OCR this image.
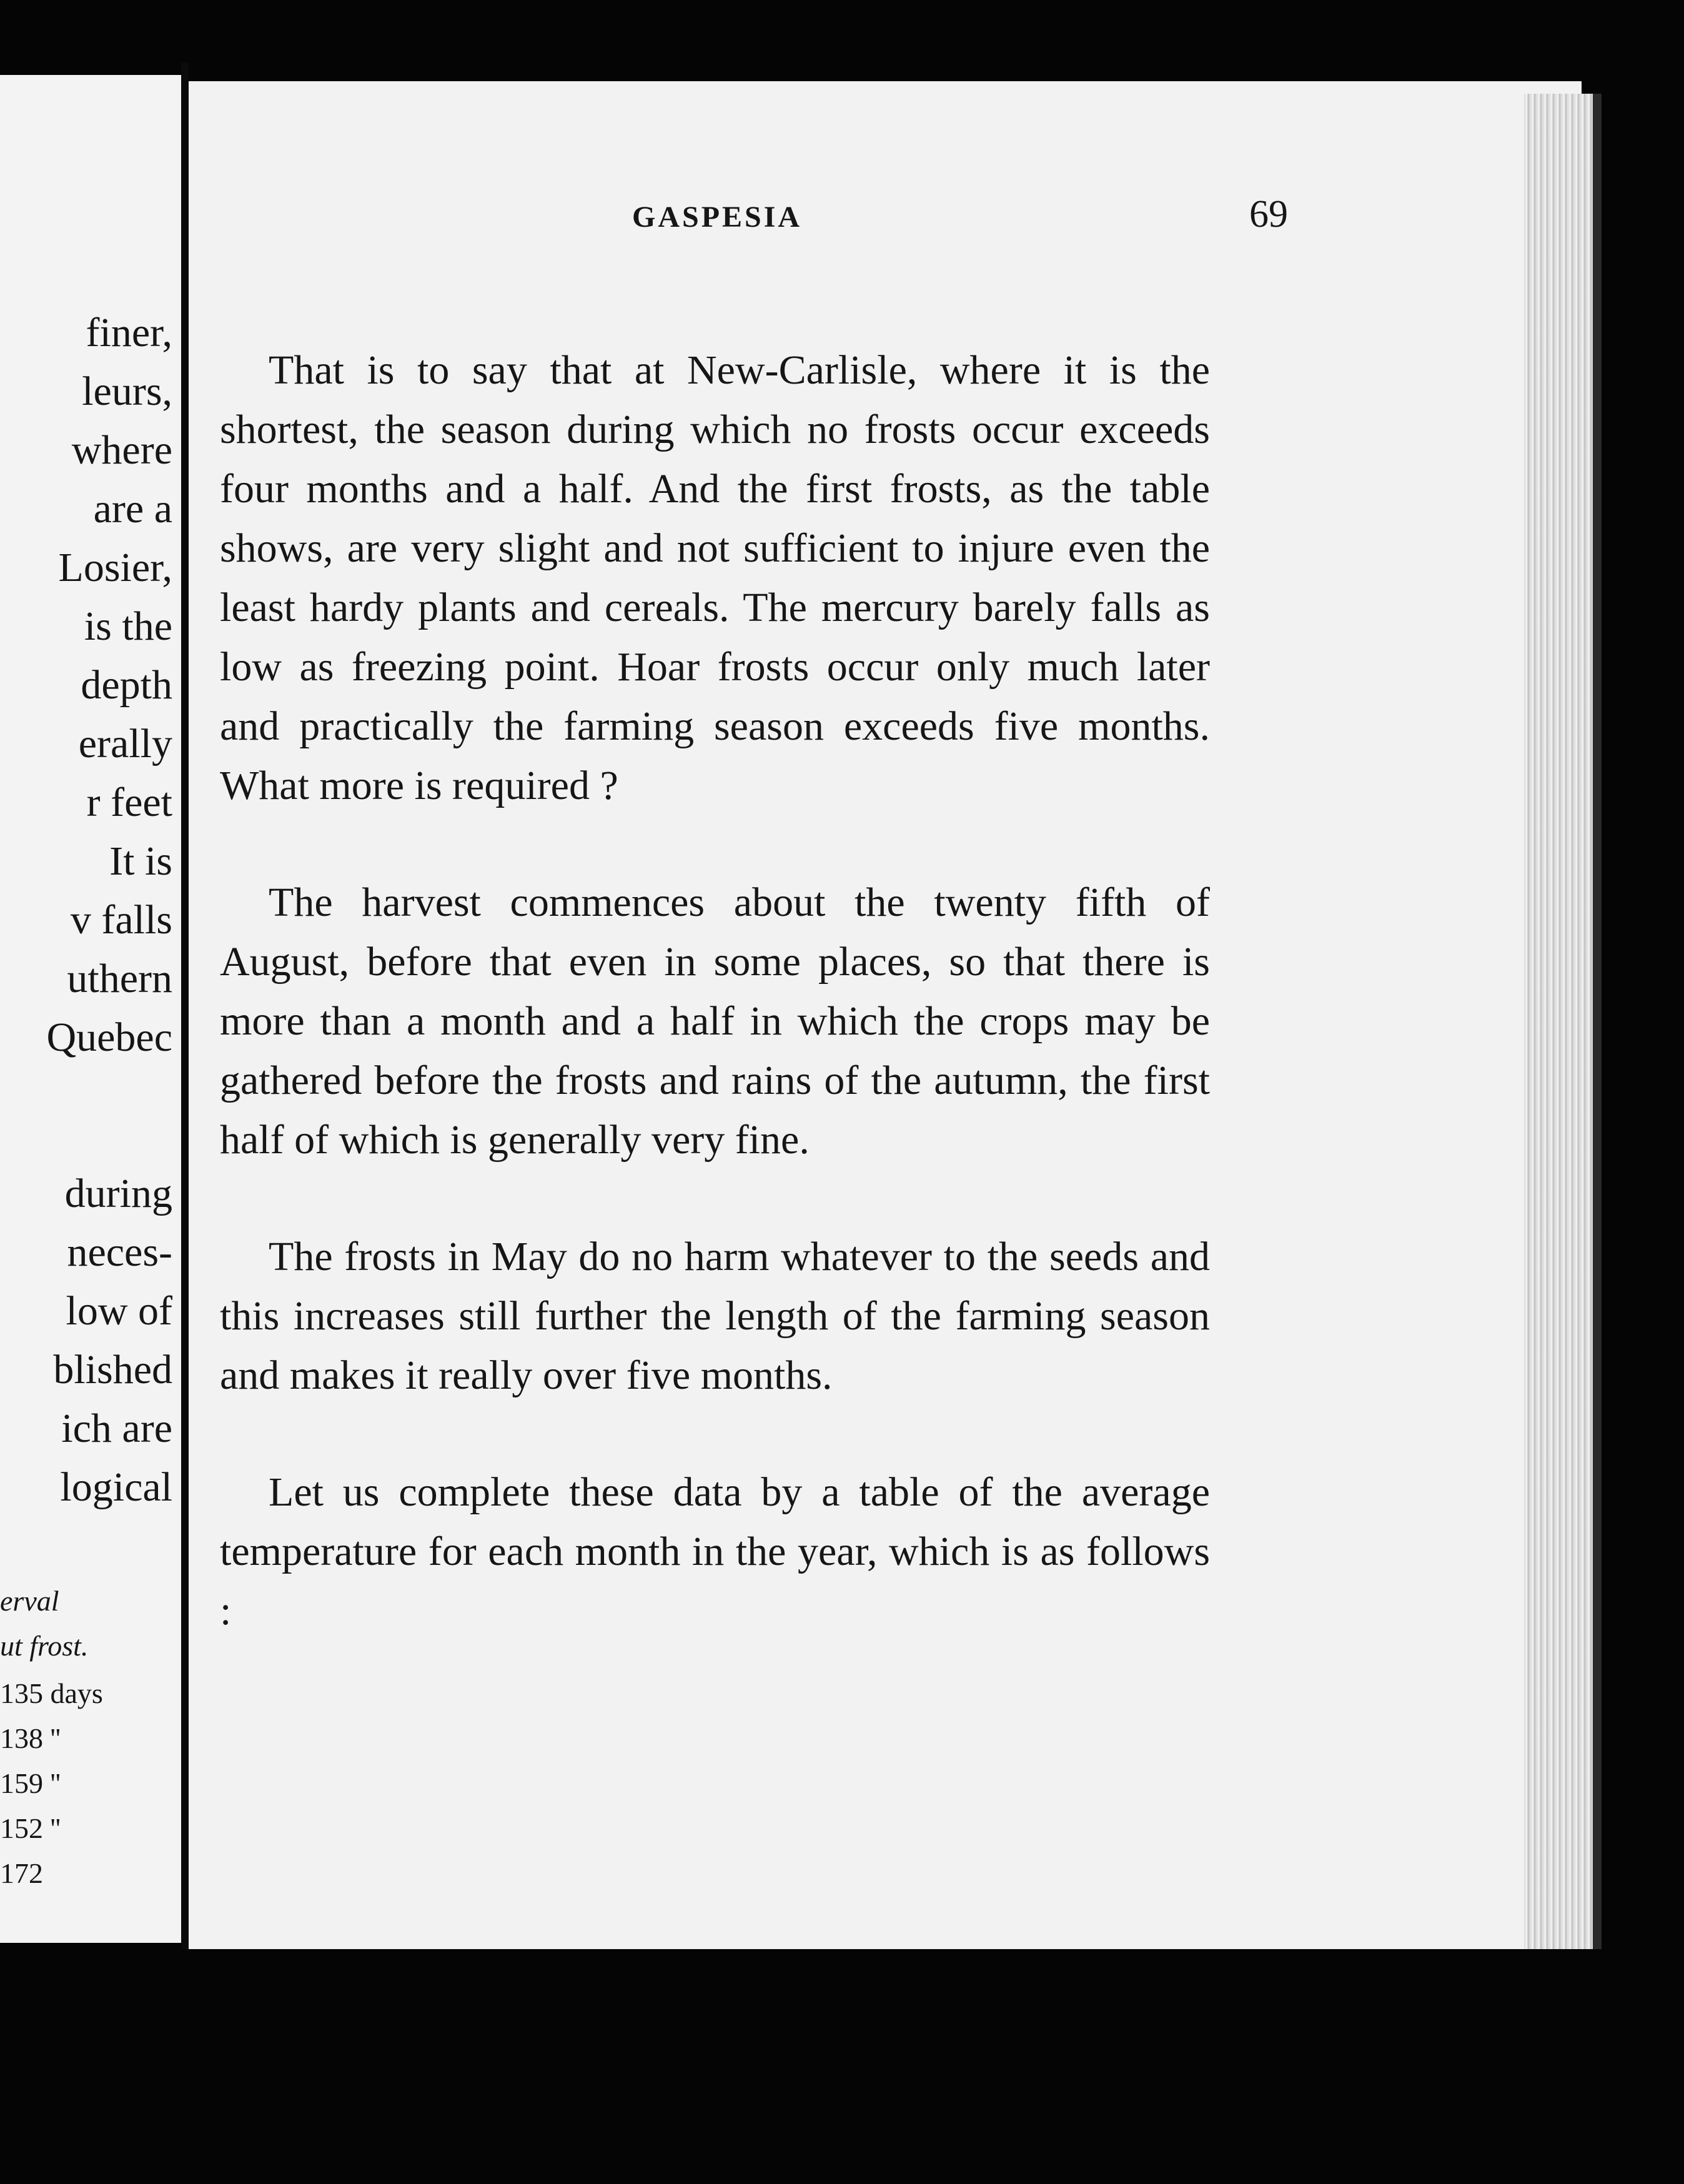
finer,
leurs,
where
are a
Losier,
is the
depth
erally
r feet
It is
v falls
uthern
Quebec
during
neces-
low of
blished
ich are
logical
erval
ut frost.
135 days
138 ''
159 ''
152 ''
172
GASPESIA	69

That is to say that at New-Carlisle, where it is the shortest, the season during which no frosts occur exceeds four months and a half. And the first frosts, as the table shows, are very slight and not sufficient to injure even the least hardy plants and cereals. The mercury barely falls as low as freezing point. Hoar frosts occur only much later and practically the farming season exceeds five months. What more is required ?

The harvest commences about the twenty fifth of August, before that even in some places, so that there is more than a month and a half in which the crops may be gathered before the frosts and rains of the autumn, the first half of which is generally very fine.

The frosts in May do no harm whatever to the seeds and this increases still further the length of the farming season and makes it really over five months.

Let us complete these data by a table of the average temperature for each month in the year, which is as follows :
